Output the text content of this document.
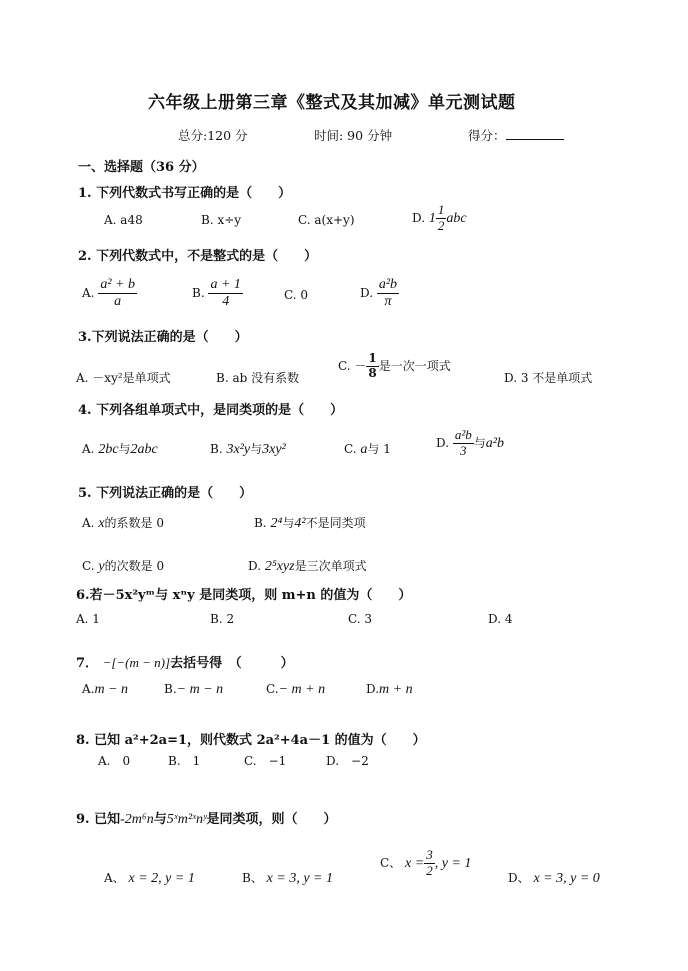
六年级上册第三章《整式及其加减》单元测试题
总分:120 分	时间: 90 分钟	得分：
一、选择题（36 分）
1. 下列代数式书写正确的是（　　）
A. a48	B. x÷y	C. a(x+y)	D. $1 \frac{1}{2}$ abc
2. 下列代数式中，不是整式的是（　　）
A. $\frac{\text{a² + b}}{a}$	B. $\frac{a + 1}{4}$	C. 0	D. $\frac{\text{a²b}}{\pi}$
3.下列说法正确的是（　　）
A. －xy²是单项式	B. ab 没有系数
C. － $\frac{1}{8}$ 是一次一项式
D. 3 不是单项式
4. 下列各组单项式中，是同类项的是（　　）
A. 2bc与2abc	B. 3x²y与3xy²	C. a与 1	D. $\frac{\text{a²b}}{3}$ 与a²b
5. 下列说法正确的是（　　）
A. x的系数是 0	B. 2⁴与4²不是同类项
C. y的次数是 0	D. 2⁵xyz是三次单项式
6.若－5x²yᵐ与 xⁿy 是同类项，则 m+n 的值为（　　）
A. 1	B. 2	C. 3	D. 4
7． −[−(m − n)]去括号得　（　　　）
A.m − n	B.− m − n	C.− m + n	D.m + n
8. 已知 a²+2a=1，则代数式 2a²+4a－1 的值为（　　）
A.　0	B.　1	C.　−1	D.　−2
9. 已知-2m⁶n与5ˣm²ˣnʸ是同类项，则（　　）
A、 x = 2, y = 1	B、 x = 3, y = 1
C、 $x = \frac{3}{2}$ , y = 1
D、 x = 3, y = 0
